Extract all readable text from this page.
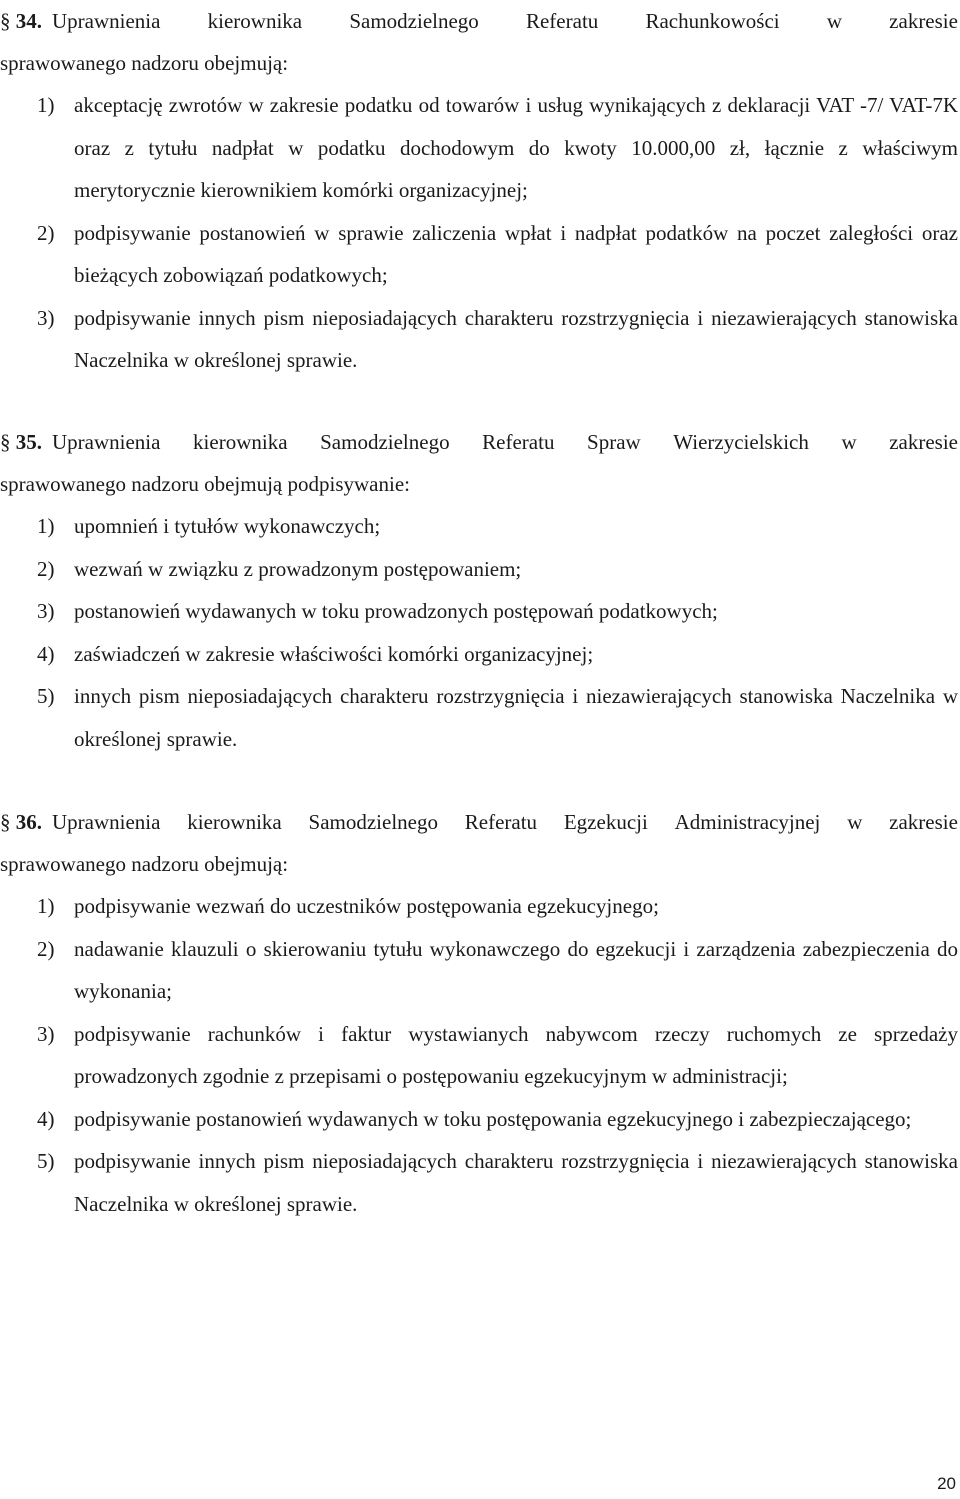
§ 34. Uprawnienia kierownika Samodzielnego Referatu Rachunkowości w zakresie
sprawowanego nadzoru obejmują:
1) akceptację zwrotów w zakresie podatku od towarów i usług wynikających z deklaracji VAT -7/ VAT-7K oraz z tytułu nadpłat w podatku dochodowym do kwoty 10.000,00 zł, łącznie z właściwym merytorycznie kierownikiem komórki organizacyjnej;
2) podpisywanie postanowień w sprawie zaliczenia wpłat i nadpłat podatków na poczet zaległości oraz bieżących zobowiązań podatkowych;
3) podpisywanie innych pism nieposiadających charakteru rozstrzygnięcia i niezawierających stanowiska Naczelnika w określonej sprawie.
§ 35. Uprawnienia kierownika Samodzielnego Referatu Spraw Wierzycielskich w zakresie
sprawowanego nadzoru obejmują podpisywanie:
1) upomnień i tytułów wykonawczych;
2) wezwań w związku z prowadzonym postępowaniem;
3) postanowień wydawanych w toku prowadzonych postępowań podatkowych;
4) zaświadczeń w zakresie właściwości komórki organizacyjnej;
5) innych pism nieposiadających charakteru rozstrzygnięcia i niezawierających stanowiska Naczelnika w określonej sprawie.
§ 36. Uprawnienia kierownika Samodzielnego Referatu Egzekucji Administracyjnej w zakresie
sprawowanego nadzoru obejmują:
1) podpisywanie wezwań do uczestników postępowania egzekucyjnego;
2) nadawanie klauzuli o skierowaniu tytułu wykonawczego do egzekucji i zarządzenia zabezpieczenia do wykonania;
3) podpisywanie rachunków i faktur wystawianych nabywcom rzeczy ruchomych ze sprzedaży prowadzonych zgodnie z przepisami o postępowaniu egzekucyjnym w administracji;
4) podpisywanie postanowień wydawanych w toku postępowania egzekucyjnego i zabezpieczającego;
5) podpisywanie innych pism nieposiadających charakteru rozstrzygnięcia i niezawierających stanowiska Naczelnika w określonej sprawie.
20
